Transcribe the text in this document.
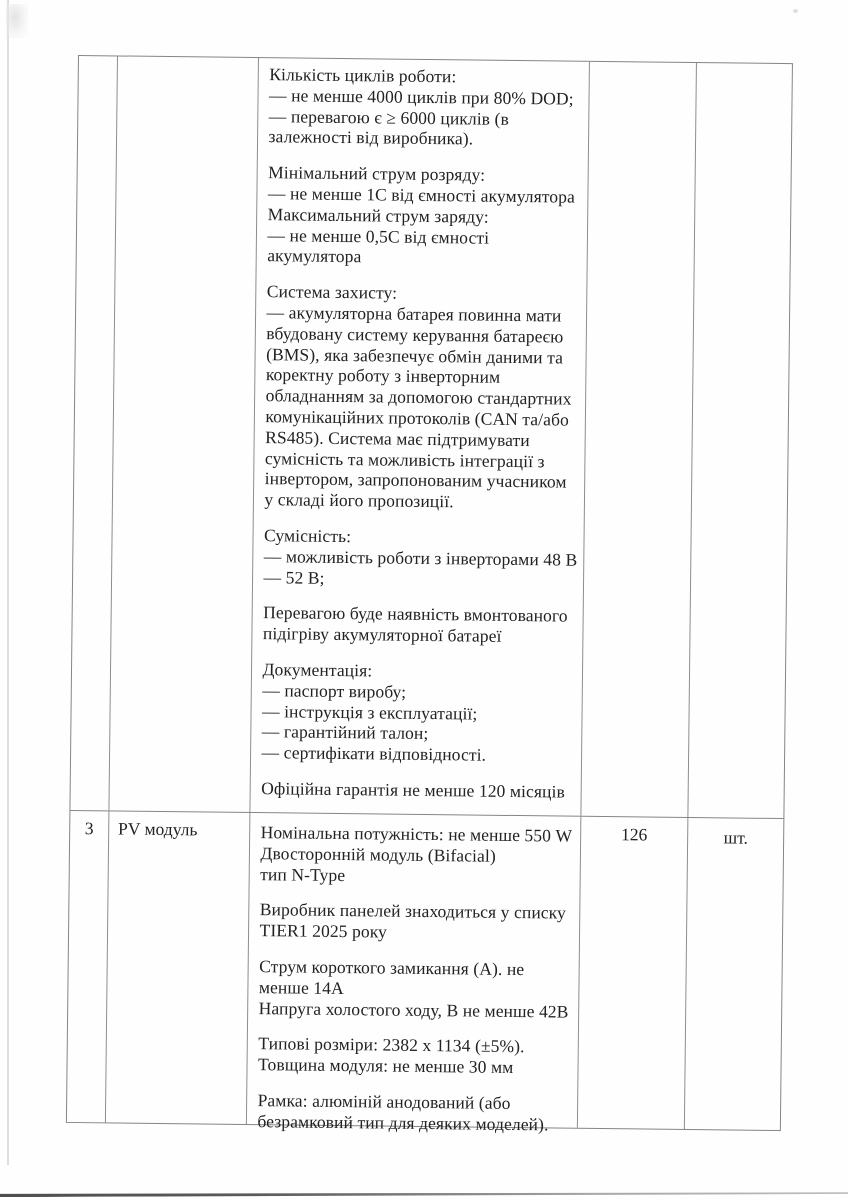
Кількість циклів роботи:
— не менше 4000 циклів при 80% DOD;
— перевагою є ≥ 6000 циклів (в
залежності від виробника).

Мінімальний струм розряду:
— не менше 1С від ємності акумулятора
Максимальний струм заряду:
— не менше 0,5С від ємності
акумулятора

Система захисту:
— акумуляторна батарея повинна мати
вбудовану систему керування батареєю
(BMS), яка забезпечує обмін даними та
коректну роботу з інверторним
обладнанням за допомогою стандартних
комунікаційних протоколів (CAN та/або
RS485). Система має підтримувати
сумісність та можливість інтеграції з
інвертором, запропонованим учасником
у складі його пропозиції.

Сумісність:
— можливість роботи з інверторами 48 В
— 52 В;

Перевагою буде наявність вмонтованого
підігріву акумуляторної батареї

Документація:
— паспорт виробу;
— інструкція з експлуатації;
— гарантійний талон;
— сертифікати відповідності.

Офіційна гарантія не менше 120 місяців

3	PV модуль	Номінальна потужність: не менше 550 W
Двосторонній модуль (Bifacial)
тип N-Type

Виробник панелей знаходиться у списку
TIER1 2025 року

Струм короткого замикання (А). не
менше 14А
Напруга холостого ходу, В не менше 42В

Типові розміри: 2382 x 1134 (±5%).
Товщина модуля: не менше 30 мм

Рамка: алюміній анодований (або
безрамковий тип для деяких моделей).

126	шт.
